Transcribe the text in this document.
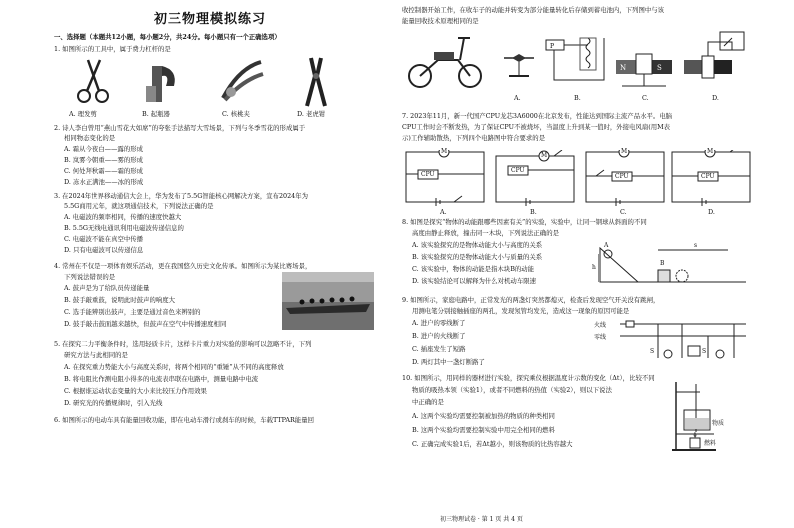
初三物理模拟练习
一、选择题（本题共12小题，每小题2分，共24分。每小题只有一个正确选项）
1. 如图所示的工具中，属于费力杠杆的是
A. 理发剪	B. 起瓶器	C. 核桃夹	D. 老虎钳
2. 诗人李白曾用“燕山雪花大如席”的夸张手法描写大雪场景，下列与冬季雪花的形成属于
相同物态变化的是
A. 霜从今夜白——露的形成
B. 岚雾今朝重——雾的形成
C. 何处拜秋霜——霜的形成
D. 冻水正满池——冰的形成
3. 在2024年世界移动通信大会上，华为发布了5.5G智能核心网解决方案，宣布2024年为
5.5G商用元年，就这项通信技术，下列说法正确的是
A. 电磁波的频率相同，传播的速度快越大
B. 5.5G无线电通讯利用电磁波传递信息的
C. 电磁波不能在真空中传播
D. 只有电磁波可以传递信息
4. 常州在不仅是一项体育娱乐活动，更在我国悠久历史文化传承。如图所示为某比赛场景，
下列说法错误的是
A. 鼓声是为了给队员传递能量
B. 鼓手敲重鼓，说明此时鼓声的响度大
C. 选手能辨别出鼓声，主要是通过音色来辨别的
D. 鼓手敲击鼓面越来越快，但鼓声在空气中传播速度相同
5. 在探究二力平衡条件时，选用轻质卡片，这样卡片重力对实验的影响可以忽略不计，下列
研究方法与此相同的是
A. 在探究重力势能大小与高度关系时，将两个相同的“重锤”从不同的高度释放
B. 将电阻比作测电阻小得多的电流表串联在电路中，测量电路中电流
C. 根据谁运动状态变量的大小来比较压力作用效果
D. 研究光的传播规律时，引入光线
6. 如图所示的电动车具有能量回收功能，即在电动车滑行或刹车的时候，车载TTPAR能量回
收控制器开始工作，在收车子的动能并转变为部分能量转化后存储到蓄电池内，下列图中与该
能量回收技术原理相同的是
P
N	S
A.	B.	C.	D.
7. 2023年11月，新一代国产CPU龙芯3A6000在北京发布，性能达到国际主流产品水平。电脑
CPU工作时会不断发热，为了保证CPU不被烧坏，当温度上升到某一值时，外接电风扇(用M表
示)工作辅助散热，下列四个电路图中符合要求的是
M
CPU
M
CPU
M
CPU
M
CPU
A.	B.	C.	D.
8. 如图是探究“物体的动能跟哪些因素有关”的实验，实验中，让同一钢球从斜面的不同
高度由静止释放，撞击同一木块，下列说法正确的是
A. 该实验探究的是物体动能大小与高度的关系
B. 该实验探究的是物体动能大小与质量的关系
C. 该实验中，物体的动能是指木块B的动能
D. 该实验结论可以解释为什么对机动车限速
A
h
B
s
9. 如图所示，家庭电路中，正常发光的两盏灯突然都熄灭，检查后发现空气开关没有跳闸，
用测电笔分别接触插座的两孔，发现氖管均发光，造成这一现象的原因可能是
A. 进户的零线断了
B. 进户的火线断了
C. 插座发生了短路
D. 两灯其中一盏灯断路了
火线
零线
S	S
10. 如图所示，用同样的器材进行实验，探究乘仪根据温度计示数的变化（Δt），比较不同
物质的吸热本领（实验1），或者不同燃料的热值（实验2），则以下说法
中正确的是
A. 这两个实验均需要控制被加热的物质的种类相同
B. 这两个实验均需要控制实验中用完全相同的燃料
C. 正确完成实验1后，若Δt越小，则该物质的比热容越大
物质
燃料
初三物理试卷 · 第 1 页 共 4 页
